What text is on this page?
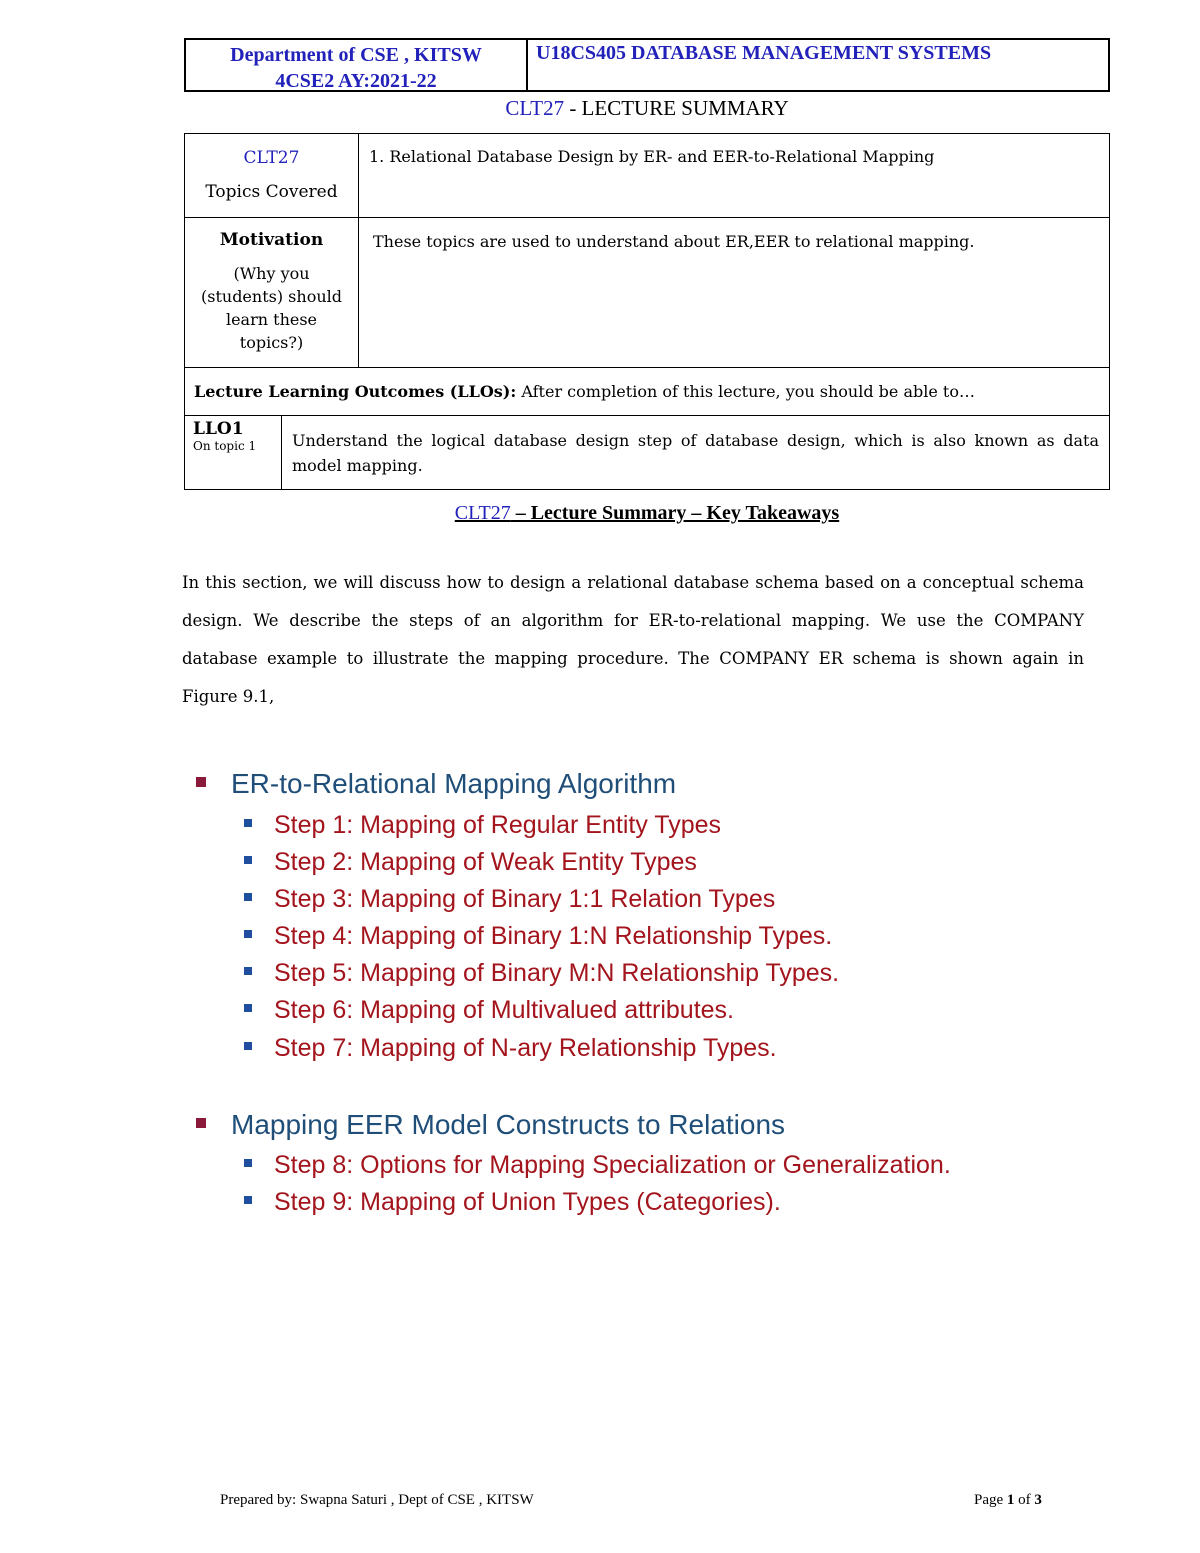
Department of CSE , KITSW
4CSE2 AY:2021-22
U18CS405 DATABASE MANAGEMENT SYSTEMS
CLT27 - LECTURE SUMMARY
CLT27
Topics Covered
1. Relational Database Design by ER- and EER-to-Relational Mapping
Motivation
(Why you (students) should learn these topics?)
These topics are used to understand about ER,EER to relational mapping.
Lecture Learning Outcomes (LLOs): After completion of this lecture, you should be able to…
LLO1
On topic 1	Understand the logical database design step of database design, which is also known as data model mapping.
CLT27 – Lecture Summary – Key Takeaways
In this section, we will discuss how to design a relational database schema based on a conceptual schema design. We describe the steps of an algorithm for ER-to-relational mapping. We use the COMPANY database example to illustrate the mapping procedure. The COMPANY ER schema is shown again in Figure 9.1,
ER-to-Relational Mapping Algorithm
Step 1: Mapping of Regular Entity Types
Step 2: Mapping of Weak Entity Types
Step 3: Mapping of Binary 1:1 Relation Types
Step 4: Mapping of Binary 1:N Relationship Types.
Step 5: Mapping of Binary M:N Relationship Types.
Step 6: Mapping of Multivalued attributes.
Step 7: Mapping of N-ary Relationship Types.
Mapping EER Model Constructs to Relations
Step 8: Options for Mapping Specialization or Generalization.
Step 9: Mapping of Union Types (Categories).
Prepared by: Swapna Saturi , Dept of CSE , KITSW	Page 1 of 3
